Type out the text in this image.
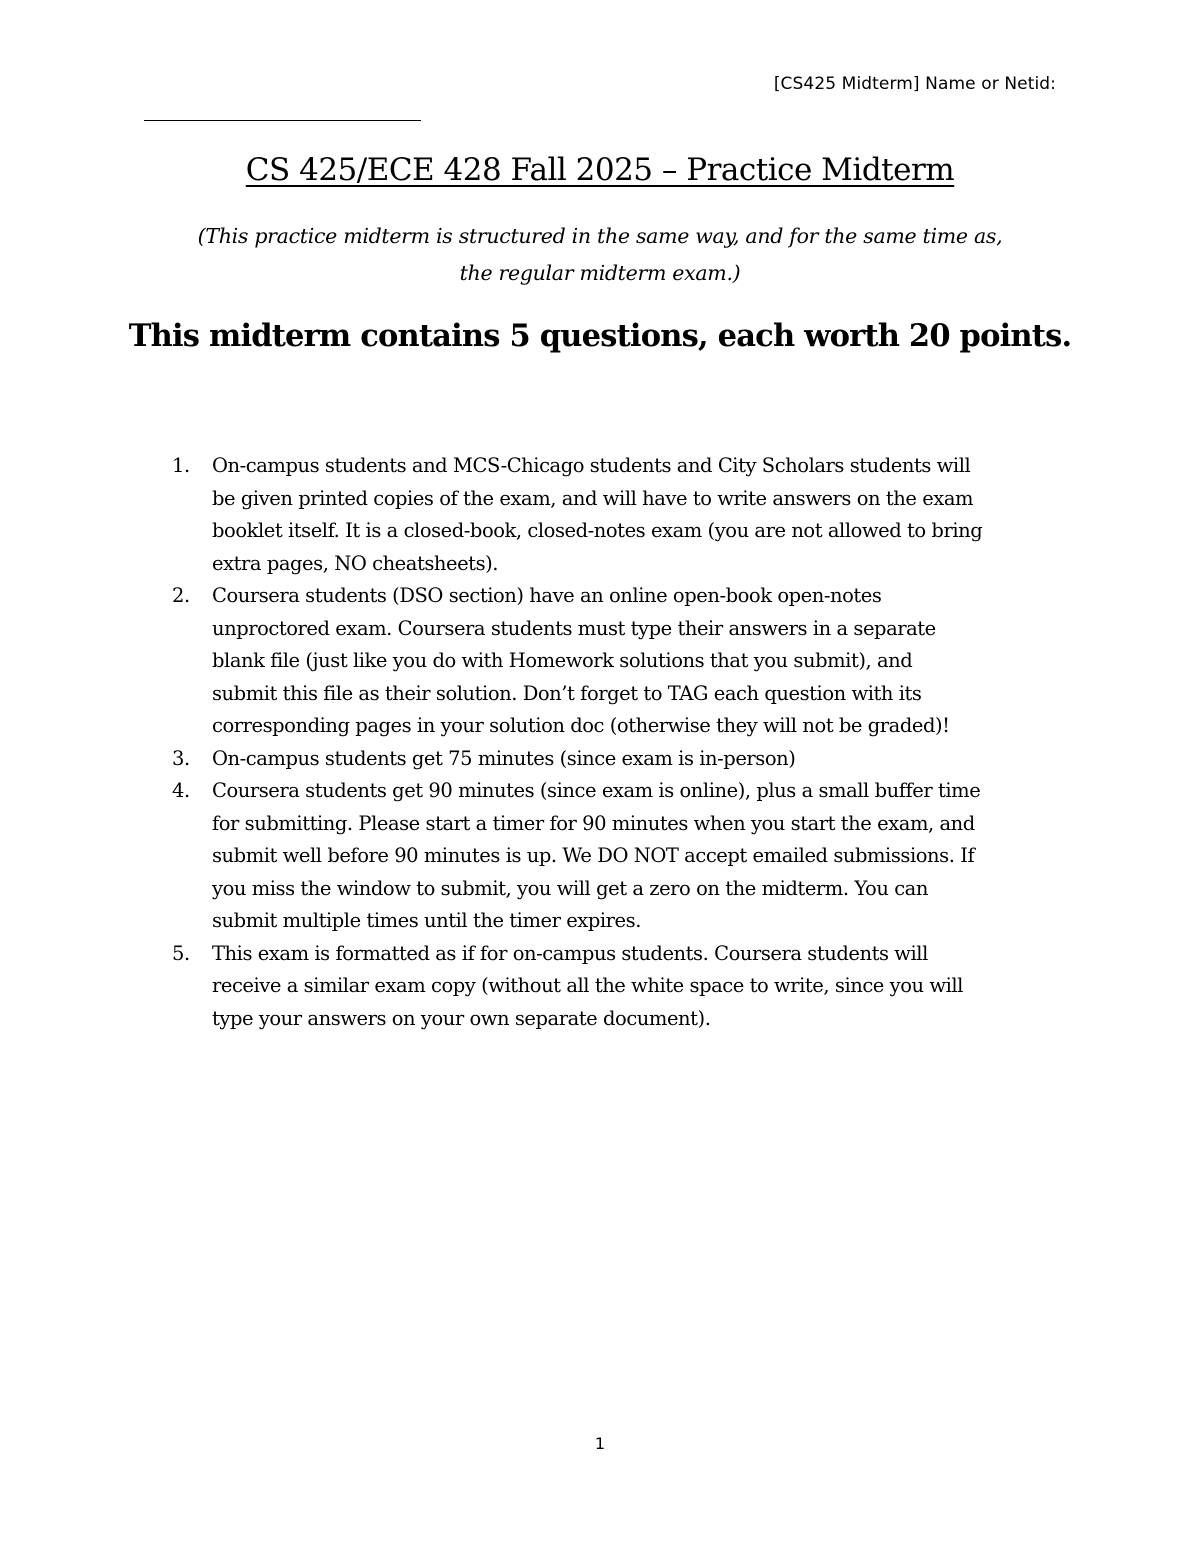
[CS425 Midterm] Name or Netid:
CS 425/ECE 428 Fall 2025 – Practice Midterm
(This practice midterm is structured in the same way, and for the same time as,
the regular midterm exam.)
This midterm contains 5 questions, each worth 20 points.
1. On-campus students and MCS-Chicago students and City Scholars students will
be given printed copies of the exam, and will have to write answers on the exam
booklet itself. It is a closed-book, closed-notes exam (you are not allowed to bring
extra pages, NO cheatsheets).
2. Coursera students (DSO section) have an online open-book open-notes
unproctored exam. Coursera students must type their answers in a separate
blank file (just like you do with Homework solutions that you submit), and
submit this file as their solution. Don’t forget to TAG each question with its
corresponding pages in your solution doc (otherwise they will not be graded)!
3. On-campus students get 75 minutes (since exam is in-person)
4. Coursera students get 90 minutes (since exam is online), plus a small buffer time
for submitting. Please start a timer for 90 minutes when you start the exam, and
submit well before 90 minutes is up. We DO NOT accept emailed submissions. If
you miss the window to submit, you will get a zero on the midterm. You can
submit multiple times until the timer expires.
5. This exam is formatted as if for on-campus students. Coursera students will
receive a similar exam copy (without all the white space to write, since you will
type your answers on your own separate document).
1
